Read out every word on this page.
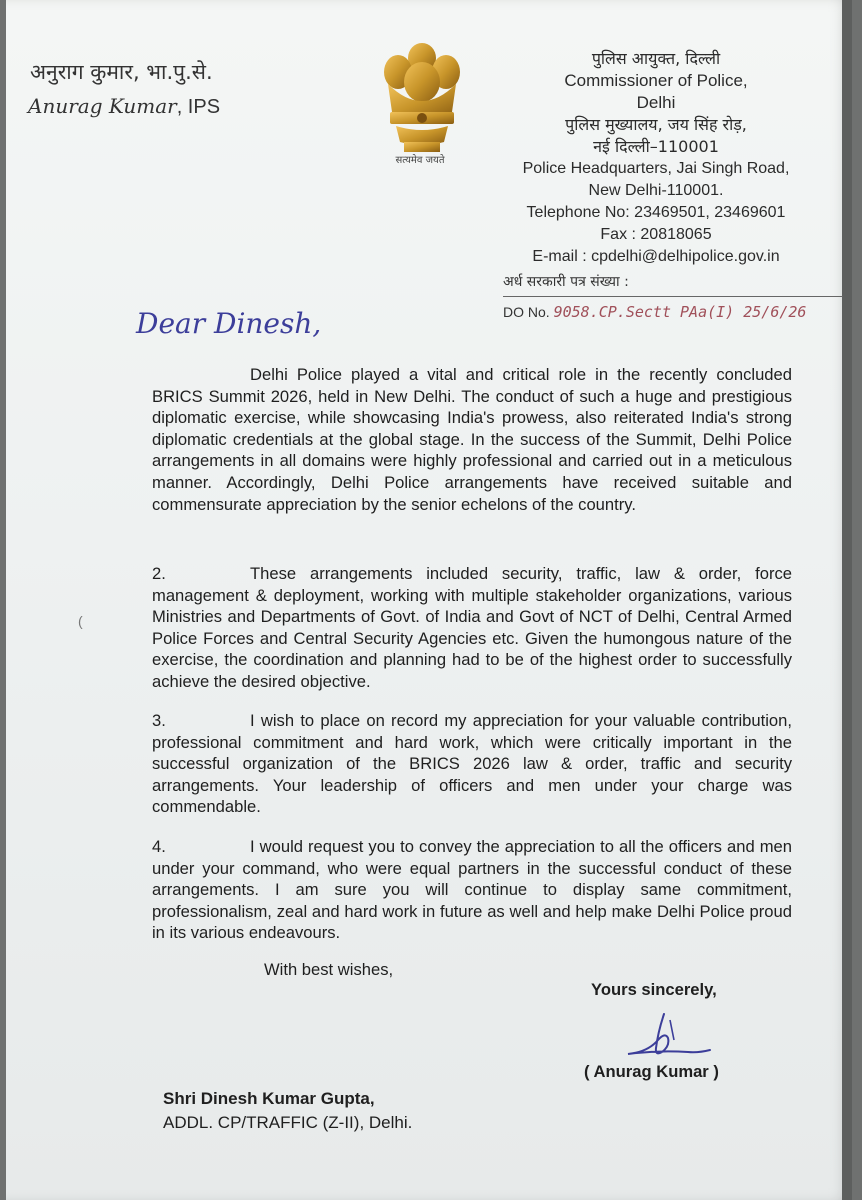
अनुराग कुमार, भा.पु.से.
Anurag Kumar, IPS
सत्यमेव जयते
पुलिस आयुक्त, दिल्ली
Commissioner of Police,
Delhi
पुलिस मुख्यालय, जय सिंह रोड़,
नई दिल्ली–110001
Police Headquarters, Jai Singh Road,
New Delhi-110001.
Telephone No: 23469501, 23469601
Fax : 20818065
E-mail : cpdelhi@delhipolice.gov.in
अर्ध सरकारी पत्र संख्या :
DO No. 9058.CP.Sectt PAa(I) 25/6/26
Dear Dinesh,
Delhi Police played a vital and critical role in the recently concluded BRICS Summit 2026, held in New Delhi. The conduct of such a huge and prestigious diplomatic exercise, while showcasing India's prowess, also reiterated India's strong diplomatic credentials at the global stage. In the success of the Summit, Delhi Police arrangements in all domains were highly professional and carried out in a meticulous manner. Accordingly, Delhi Police arrangements have received suitable and commensurate appreciation by the senior echelons of the country.
(
2.	These arrangements included security, traffic, law & order, force management & deployment, working with multiple stakeholder organizations, various Ministries and Departments of Govt. of India and Govt of NCT of Delhi, Central Armed Police Forces and Central Security Agencies etc. Given the humongous nature of the exercise, the coordination and planning had to be of the highest order to successfully achieve the desired objective.
3.	I wish to place on record my appreciation for your valuable contribution, professional commitment and hard work, which were critically important in the successful organization of the BRICS 2026 law & order, traffic and security arrangements. Your leadership of officers and men under your charge was commendable.
4.	I would request you to convey the appreciation to all the officers and men under your command, who were equal partners in the successful conduct of these arrangements. I am sure you will continue to display same commitment, professionalism, zeal and hard work in future as well and help make Delhi Police proud in its various endeavours.
With best wishes,
Yours sincerely,
( Anurag Kumar )
Shri Dinesh Kumar Gupta,
ADDL. CP/TRAFFIC (Z-II), Delhi.
